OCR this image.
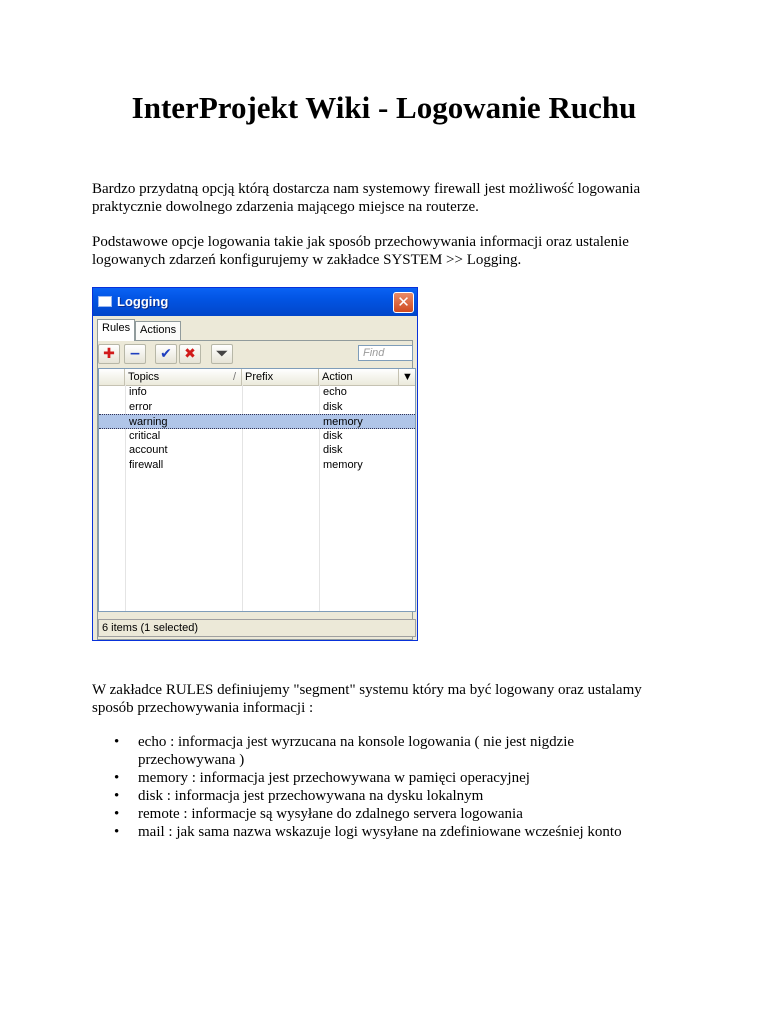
InterProjekt Wiki - Logowanie Ruchu

Bardzo przydatną opcją którą dostarcza nam systemowy firewall jest możliwość logowania
praktycznie dowolnego zdarzenia mającego miejsce na routerze.

Podstawowe opcje logowania takie jak sposób przechowywania informacji oraz ustalenie
logowanych zdarzeń konfigurujemy w zakładce SYSTEM >> Logging.

Logging	✕
Rules Actions
✚	−	✔ ✖	⏷	Find
Topics	/ Prefix	Action	▼
info	echo
error	disk
warning	memory
critical	disk
account	disk
firewall	memory
6 items (1 selected)

W zakładce RULES definiujemy "segment" systemu który ma być logowany oraz ustalamy
sposób przechowywania informacji :

• echo : informacja jest wyrzucana na konsole logowania ( nie jest nigdzie
przechowywana )
• memory : informacja jest przechowywana w pamięci operacyjnej
• disk : informacja jest przechowywana na dysku lokalnym
• remote : informacje są wysyłane do zdalnego servera logowania
• mail : jak sama nazwa wskazuje logi wysyłane na zdefiniowane wcześniej konto
